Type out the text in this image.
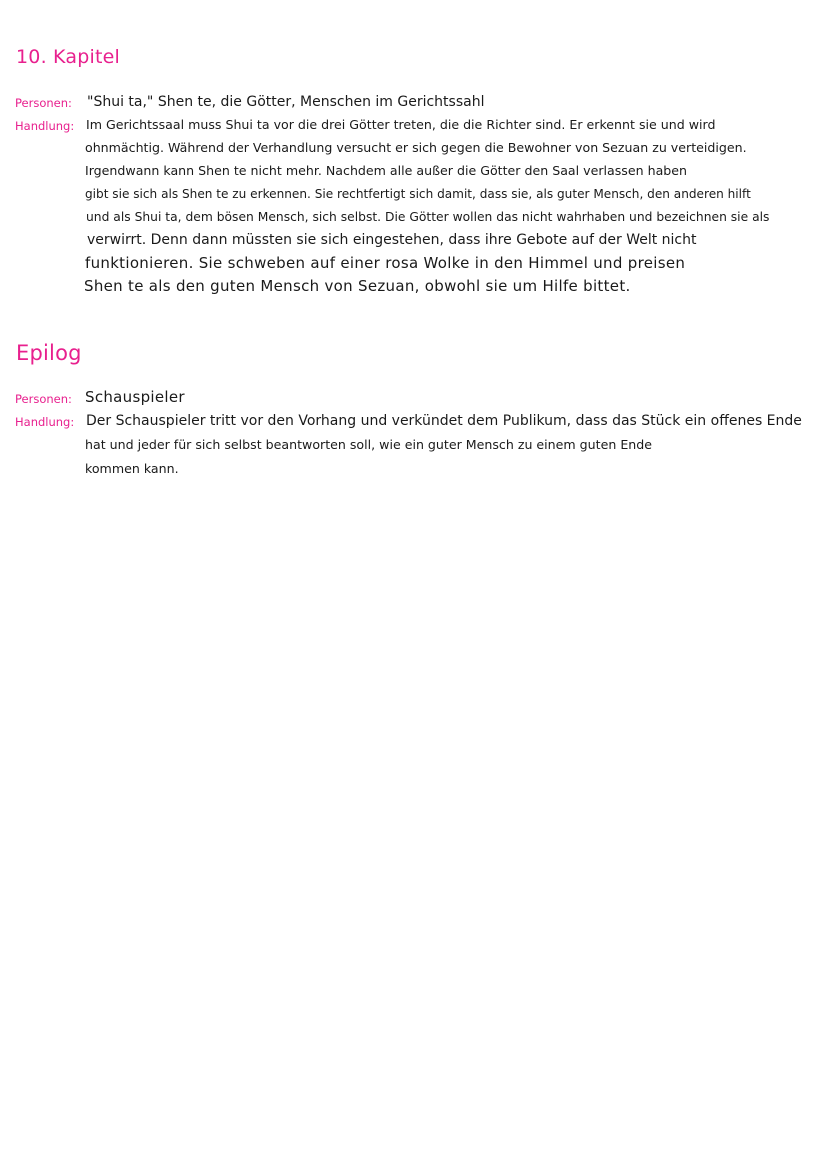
10. Kapitel
Personen: "Shui ta," Shen te, die Götter, Menschen im Gerichtssahl
Handlung: Im Gerichtssaal muss Shui ta vor die drei Götter treten, die die Richter sind. Er erkennt sie und wird
ohnmächtig. Während der Verhandlung versucht er sich gegen die Bewohner von Sezuan zu verteidigen.
Irgendwann kann Shen te nicht mehr. Nachdem alle außer die Götter den Saal verlassen haben
gibt sie sich als Shen te zu erkennen. Sie rechtfertigt sich damit, dass sie, als guter Mensch, den anderen hilft
und als Shui ta, dem bösen Mensch, sich selbst. Die Götter wollen das nicht wahrhaben und bezeichnen sie als
verwirrt. Denn dann müssten sie sich eingestehen, dass ihre Gebote auf der Welt nicht
funktionieren. Sie schweben auf einer rosa Wolke in den Himmel und preisen
Shen te als den guten Mensch von Sezuan, obwohl sie um Hilfe bittet.
Epilog
Personen: Schauspieler
Handlung: Der Schauspieler tritt vor den Vorhang und verkündet dem Publikum, dass das Stück ein offenes Ende
hat und jeder für sich selbst beantworten soll, wie ein guter Mensch zu einem guten Ende
kommen kann.
